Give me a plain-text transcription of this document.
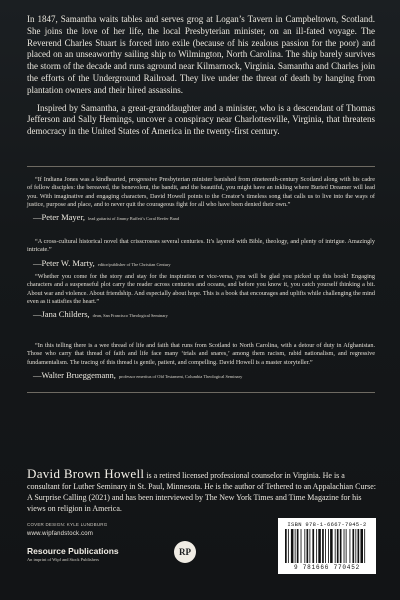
In 1847, Samantha waits tables and serves grog at Logan’s Tavern in Campbeltown, Scotland. She joins the love of her life, the local Presbyterian minister, on an ill-fated voyage. The Reverend Charles Stuart is forced into exile (because of his zealous passion for the poor) and placed on an unseaworthy sailing ship to Wilmington, North Carolina. The ship barely survives the storm of the decade and runs aground near Kilmarnock, Virginia. Samantha and Charles join the efforts of the Underground Railroad. They live under the threat of death by hanging from plantation owners and their hired assassins.

Inspired by Samantha, a great-granddaughter and a minister, who is a descendant of Thomas Jefferson and Sally Hemings, uncover a conspiracy near Charlottesville, Virginia, that threatens democracy in the United States of America in the twenty-first century.

“If Indiana Jones was a kindhearted, progressive Presbyterian minister banished from nineteenth-century Scotland along with his cadre of fellow disciples: the bereaved, the benevolent, the bandit, and the beautiful, you might have an inkling where Buried Dreamer will lead you. With imaginative and engaging characters, David Howell points to the Creator’s timeless song that calls us to live into the ways of justice, purpose and place, and to never quit the courageous fight for all who have been denied their own.”

—Peter Mayer, lead guitarist of Jimmy Buffett’s Coral Reefer Band

“A cross-cultural historical novel that crisscrosses several centuries. It’s layered with Bible, theology, and plenty of intrigue. Amazingly intricate.”

—Peter W. Marty, editor/publisher of The Christian Century

“Whether you come for the story and stay for the inspiration or vice-versa, you will be glad you picked up this book! Engaging characters and a suspenseful plot carry the reader across centuries and oceans, and before you know it, you catch yourself thinking a bit. About war and violence. About friendship. And especially about hope. This is a book that encourages and uplifts while challenging the mind even as it satisfies the heart.”

—Jana Childers, dean, San Francisco Theological Seminary

“In this telling there is a wee thread of life and faith that runs from Scotland to North Carolina, with a detour of duty in Afghanistan. Those who carry that thread of faith and life face many ‘trials and snares,’ among them racism, rabid nationalism, and regressive fundamentalism. The tracing of this thread is gentle, patient, and compelling. David Howell is a master storyteller.”

—Walter Brueggemann, professor emeritus of Old Testament, Columbia Theological Seminary

David Brown Howell is a retired licensed professional counselor in Virginia. He is a consultant for Luther Seminary in St. Paul, Minnesota. He is the author of Tethered to an Appalachian Curse: A Surprise Calling (2021) and has been interviewed by The New York Times and Time Magazine for his views on religion in America.

COVER DESIGN: KYLE LUNDBURG
www.wipfandstock.com
Resource Publications
An imprint of Wipf and Stock Publishers
RP
ISBN 978-1-6667-7045-2
9 781666 770452
